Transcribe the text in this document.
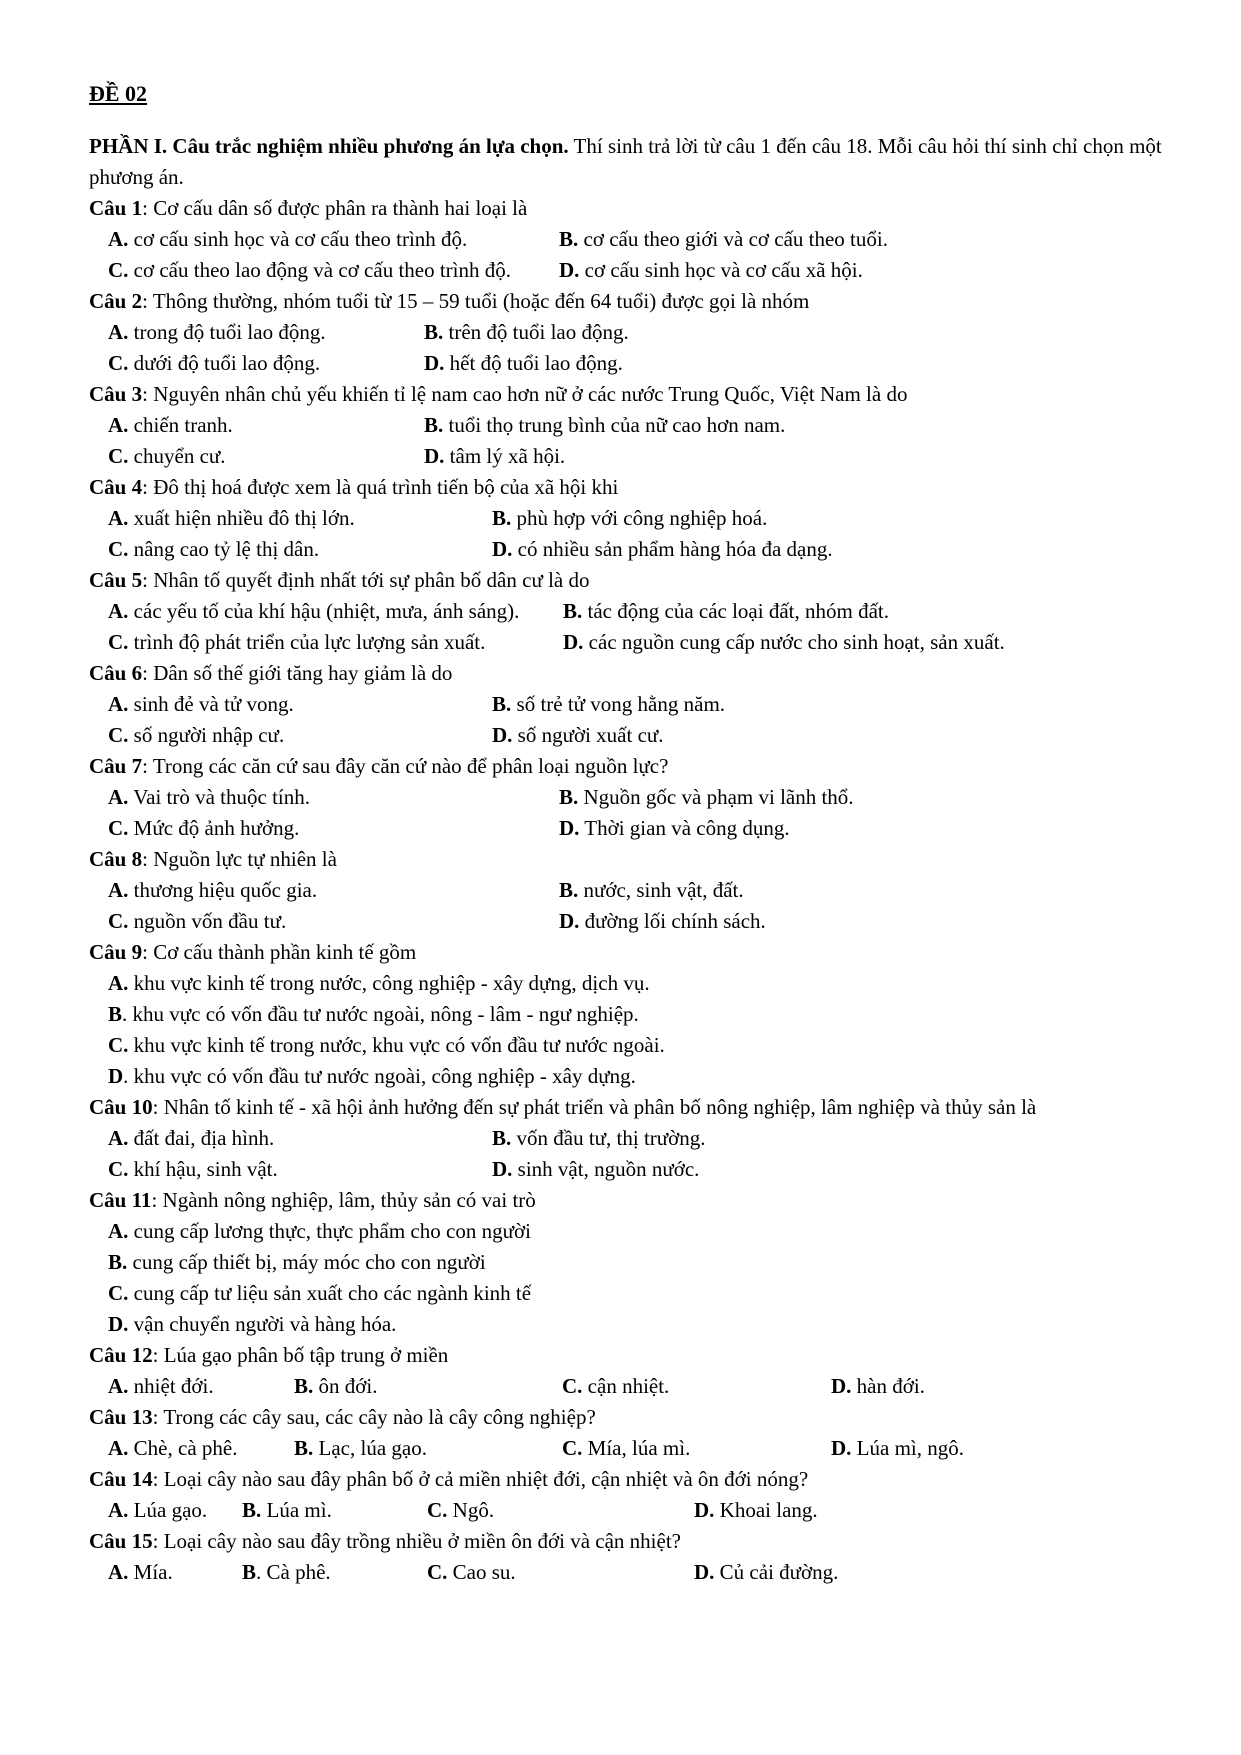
ĐỀ 02

PHẦN I. Câu trắc nghiệm nhiều phương án lựa chọn. Thí sinh trả lời từ câu 1 đến câu 18. Mỗi câu hỏi thí sinh chỉ chọn một phương án.

Câu 1: Cơ cấu dân số được phân ra thành hai loại là
A. cơ cấu sinh học và cơ cấu theo trình độ.	B. cơ cấu theo giới và cơ cấu theo tuổi.
C. cơ cấu theo lao động và cơ cấu theo trình độ. D. cơ cấu sinh học và cơ cấu xã hội.
Câu 2: Thông thường, nhóm tuổi từ 15 – 59 tuổi (hoặc đến 64 tuổi) được gọi là nhóm
A. trong độ tuổi lao động.	B. trên độ tuổi lao động.
C. dưới độ tuổi lao động.	D. hết độ tuổi lao động.
Câu 3: Nguyên nhân chủ yếu khiến tỉ lệ nam cao hơn nữ ở các nước Trung Quốc, Việt Nam là do
A. chiến tranh.	B. tuổi thọ trung bình của nữ cao hơn nam.
C. chuyển cư.	D. tâm lý xã hội.
Câu 4: Đô thị hoá được xem là quá trình tiến bộ của xã hội khi
A. xuất hiện nhiều đô thị lớn.	B. phù hợp với công nghiệp hoá.
C. nâng cao tỷ lệ thị dân.	D. có nhiều sản phẩm hàng hóa đa dạng.
Câu 5: Nhân tố quyết định nhất tới sự phân bố dân cư là do
A. các yếu tố của khí hậu (nhiệt, mưa, ánh sáng). B. tác động của các loại đất, nhóm đất.
C. trình độ phát triển của lực lượng sản xuất.	D. các nguồn cung cấp nước cho sinh hoạt, sản xuất.
Câu 6: Dân số thế giới tăng hay giảm là do
A. sinh đẻ và tử vong.	B. số trẻ tử vong hằng năm.
C. số người nhập cư.	D. số người xuất cư.
Câu 7: Trong các căn cứ sau đây căn cứ nào để phân loại nguồn lực?
A. Vai trò và thuộc tính.	B. Nguồn gốc và phạm vi lãnh thổ.
C. Mức độ ảnh hưởng.	D. Thời gian và công dụng.
Câu 8: Nguồn lực tự nhiên là
A. thương hiệu quốc gia.	B. nước, sinh vật, đất.
C. nguồn vốn đầu tư.	D. đường lối chính sách.
Câu 9: Cơ cấu thành phần kinh tế gồm
A. khu vực kinh tế trong nước, công nghiệp - xây dựng, dịch vụ.
B. khu vực có vốn đầu tư nước ngoài, nông - lâm - ngư nghiệp.
C. khu vực kinh tế trong nước, khu vực có vốn đầu tư nước ngoài.
D. khu vực có vốn đầu tư nước ngoài, công nghiệp - xây dựng.
Câu 10: Nhân tố kinh tế - xã hội ảnh hưởng đến sự phát triển và phân bố nông nghiệp, lâm nghiệp và thủy sản là
A. đất đai, địa hình.	B. vốn đầu tư, thị trường.
C. khí hậu, sinh vật.	D. sinh vật, nguồn nước.
Câu 11: Ngành nông nghiệp, lâm, thủy sản có vai trò
A. cung cấp lương thực, thực phẩm cho con người
B. cung cấp thiết bị, máy móc cho con người
C. cung cấp tư liệu sản xuất cho các ngành kinh tế
D. vận chuyển người và hàng hóa.
Câu 12: Lúa gạo phân bố tập trung ở miền
A. nhiệt đới.	B. ôn đới.	C. cận nhiệt.	D. hàn đới.
Câu 13: Trong các cây sau, các cây nào là cây công nghiệp?
A. Chè, cà phê.	B. Lạc, lúa gạo.	C. Mía, lúa mì.	D. Lúa mì, ngô.
Câu 14: Loại cây nào sau đây phân bố ở cả miền nhiệt đới, cận nhiệt và ôn đới nóng?
A. Lúa gạo. B. Lúa mì.	C. Ngô.	D. Khoai lang.
Câu 15: Loại cây nào sau đây trồng nhiều ở miền ôn đới và cận nhiệt?
A. Mía.	B. Cà phê.	C. Cao su.	D. Củ cải đường.
